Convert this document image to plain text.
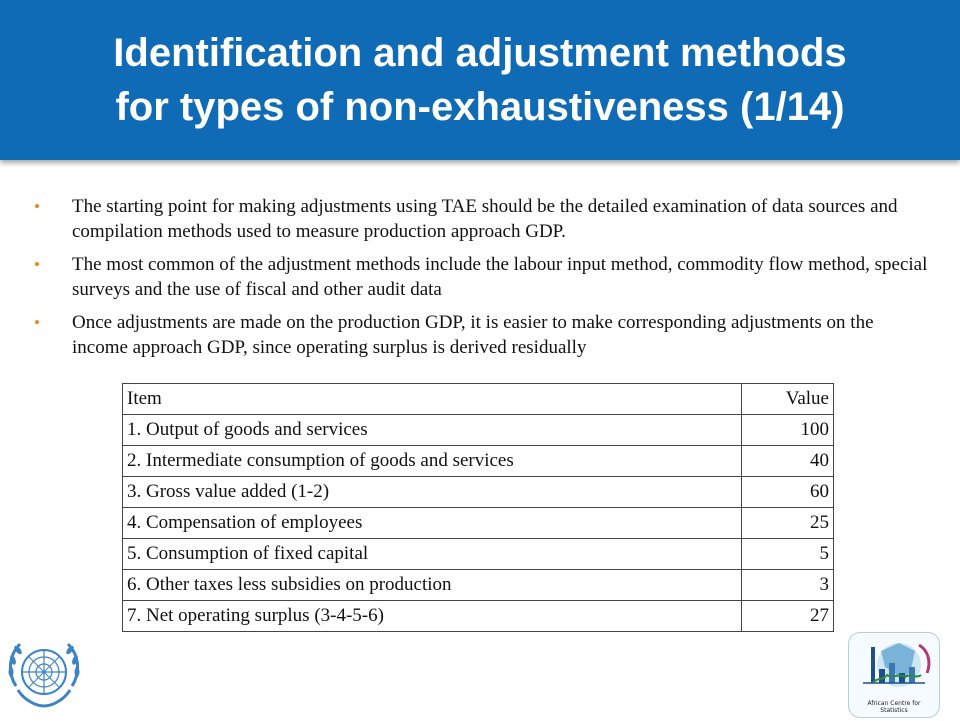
Identification and adjustment methods
for types of non-exhaustiveness (1/14)
• The starting point for making adjustments using TAE should be the detailed examination of data sources and compilation methods used to measure production approach GDP.
• The most common of the adjustment methods include the labour input method, commodity flow method, special surveys and the use of fiscal and other audit data
• Once adjustments are made on the production GDP, it is easier to make corresponding adjustments on the income approach GDP, since operating surplus is derived residually
Item	Value
1. Output of goods and services	100
2. Intermediate consumption of goods and services	40
3. Gross value added (1-2)	60
4. Compensation of employees	25
5. Consumption of fixed capital	5
6. Other taxes less subsidies on production	3
7. Net operating surplus (3-4-5-6)	27
African Centre for
Statistics
